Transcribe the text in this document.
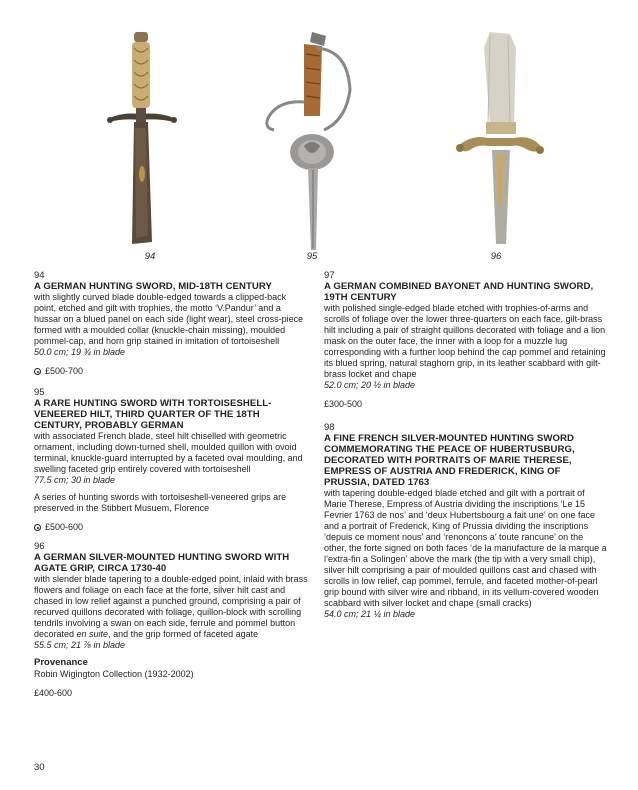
94	95	96
94
A GERMAN HUNTING SWORD, MID-18TH CENTURY
with slightly curved blade double-edged towards a clipped-back point, etched and gilt with trophies, the motto ‘V.Pandur’ and a hussar on a blued panel on each side (light wear), steel cross-piece formed with a moulded collar (knuckle-chain missing), moulded pommel-cap, and horn grip stained in imitation of tortoiseshell
50.0 cm; 19 ¾ in blade
£500-700
95
A RARE HUNTING SWORD WITH TORTOISESHELL-VENEERED HILT, THIRD QUARTER OF THE 18TH CENTURY, PROBABLY GERMAN
with associated French blade, steel hilt chiselled with geometric ornament, including down-turned shell, moulded quillon with ovoid terminal, knuckle-guard interrupted by a faceted oval moulding, and swelling faceted grip entirely covered with tortoiseshell
77.5 cm; 30 in blade
A series of hunting swords with tortoiseshell-veneered grips are preserved in the Stibbert Musuem, Florence
£500-600
96
A GERMAN SILVER-MOUNTED HUNTING SWORD WITH AGATE GRIP, CIRCA 1730-40
with slender blade tapering to a double-edged point, inlaid with brass flowers and foliage on each face at the forte, silver hilt cast and chased in low relief against a punched ground, comprising a pair of recurved quillons decorated with foliage, quillon-block with scrolling tendrils involving a swan on each side, ferrule and pommel button decorated en suite, and the grip formed of faceted agate
55.5 cm; 21 ⅞ in blade
Provenance
Robin Wigington Collection (1932-2002)
£400-600
97
A GERMAN COMBINED BAYONET AND HUNTING SWORD, 19TH CENTURY
with polished single-edged blade etched with trophies-of-arms and scrolls of foliage over the lower three-quarters on each face, gilt-brass hilt including a pair of straight quillons decorated with foliage and a lion mask on the outer face, the inner with a loop for a muzzle lug corresponding with a further loop behind the cap pommel and retaining its blued spring, natural staghorn grip, in its leather scabbard with gilt-brass locket and chape
52.0 cm; 20 ½ in blade
£300-500
98
A FINE FRENCH SILVER-MOUNTED HUNTING SWORD COMMEMORATING THE PEACE OF HUBERTUSBURG, DECORATED WITH PORTRAITS OF MARIE THERESE, EMPRESS OF AUSTRIA AND FREDERICK, KING OF PRUSSIA, DATED 1763
with tapering double-edged blade etched and gilt with a portrait of Marie Therese, Empress of Austria dividing the inscriptions ‘Le 15 Fevrier 1763 de nos’ and ‘deux Hubertsbourg a fait une’ on one face and a portrait of Frederick, King of Prussia dividing the inscriptions ‘depuis ce moment nous’ and ‘renoncons a’ toute rancune’ on the other, the forte signed on both faces ‘de la manufacture de la marque a l’extra-fin a Solingen’ above the mark (the tip with a very small chip), silver hilt comprising a pair of moulded quillons cast and chased with scrolls in low relief, cap pommel, ferrule, and faceted mother-of-pearl grip bound with silver wire and ribband, in its vellum-covered wooden scabbard with silver locket and chape (small cracks)
54.0 cm; 21 ¼ in blade
30
